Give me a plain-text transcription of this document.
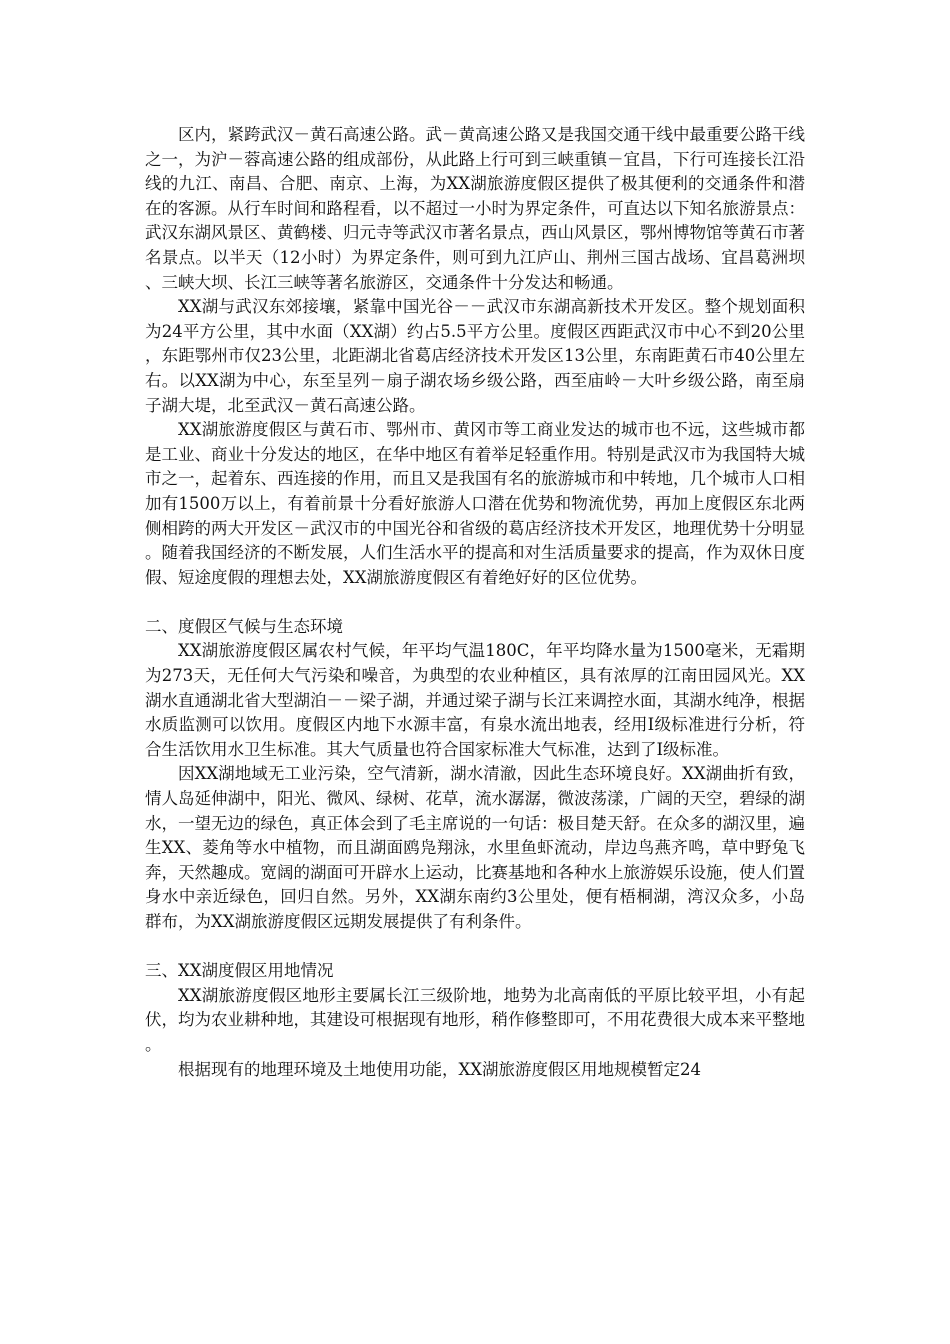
区内，紧跨武汉－黄石高速公路。武－黄高速公路又是我国交通干线中最重要公路干线之一，为沪－蓉高速公路的组成部份，从此路上行可到三峡重镇－宜昌，下行可连接长江沿线的九江、南昌、合肥、南京、上海，为XX湖旅游度假区提供了极其便利的交通条件和潜在的客源。从行车时间和路程看，以不超过一小时为界定条件，可直达以下知名旅游景点：武汉东湖风景区、黄鹤楼、归元寺等武汉市著名景点，西山风景区，鄂州博物馆等黄石市著名景点。以半天（12小时）为界定条件，则可到九江庐山、荆州三国古战场、宜昌葛洲坝、三峡大坝、长江三峡等著名旅游区，交通条件十分发达和畅通。

XX湖与武汉东郊接壤，紧靠中国光谷－－武汉市东湖高新技术开发区。整个规划面积为24平方公里，其中水面（XX湖）约占5.5平方公里。度假区西距武汉市中心不到20公里，东距鄂州市仅23公里，北距湖北省葛店经济技术开发区13公里，东南距黄石市40公里左右。以XX湖为中心，东至呈列－扇子湖农场乡级公路，西至庙岭－大叶乡级公路，南至扇子湖大堤，北至武汉－黄石高速公路。

XX湖旅游度假区与黄石市、鄂州市、黄冈市等工商业发达的城市也不远，这些城市都是工业、商业十分发达的地区，在华中地区有着举足轻重作用。特别是武汉市为我国特大城市之一，起着东、西连接的作用，而且又是我国有名的旅游城市和中转地，几个城市人口相加有1500万以上，有着前景十分看好旅游人口潜在优势和物流优势，再加上度假区东北两侧相跨的两大开发区－武汉市的中国光谷和省级的葛店经济技术开发区，地理优势十分明显。随着我国经济的不断发展，人们生活水平的提高和对生活质量要求的提高，作为双休日度假、短途度假的理想去处，XX湖旅游度假区有着绝好好的区位优势。

二、度假区气候与生态环境

XX湖旅游度假区属农村气候，年平均气温180C，年平均降水量为1500毫米，无霜期为273天，无任何大气污染和噪音，为典型的农业种植区，具有浓厚的江南田园风光。XX湖水直通湖北省大型湖泊－－梁子湖，并通过梁子湖与长江来调控水面，其湖水纯净，根据水质监测可以饮用。度假区内地下水源丰富，有泉水流出地表，经用I级标准进行分析，符合生活饮用水卫生标准。其大气质量也符合国家标准大气标准，达到了I级标准。

因XX湖地域无工业污染，空气清新，湖水清澈，因此生态环境良好。XX湖曲折有致，情人岛延伸湖中，阳光、微风、绿树、花草，流水潺潺，微波荡漾，广阔的天空，碧绿的湖水，一望无边的绿色，真正体会到了毛主席说的一句话：极目楚天舒。在众多的湖汉里，遍生XX、菱角等水中植物，而且湖面鸥凫翔泳，水里鱼虾流动，岸边鸟燕齐鸣，草中野兔飞奔，天然趣成。宽阔的湖面可开辟水上运动，比赛基地和各种水上旅游娱乐设施，使人们置身水中亲近绿色，回归自然。另外，XX湖东南约3公里处，便有梧桐湖，湾汉众多，小岛群布，为XX湖旅游度假区远期发展提供了有利条件。

三、XX湖度假区用地情况

XX湖旅游度假区地形主要属长江三级阶地，地势为北高南低的平原比较平坦，小有起伏，均为农业耕种地，其建设可根据现有地形，稍作修整即可，不用花费很大成本来平整地。

根据现有的地理环境及土地使用功能，XX湖旅游度假区用地规模暂定24
